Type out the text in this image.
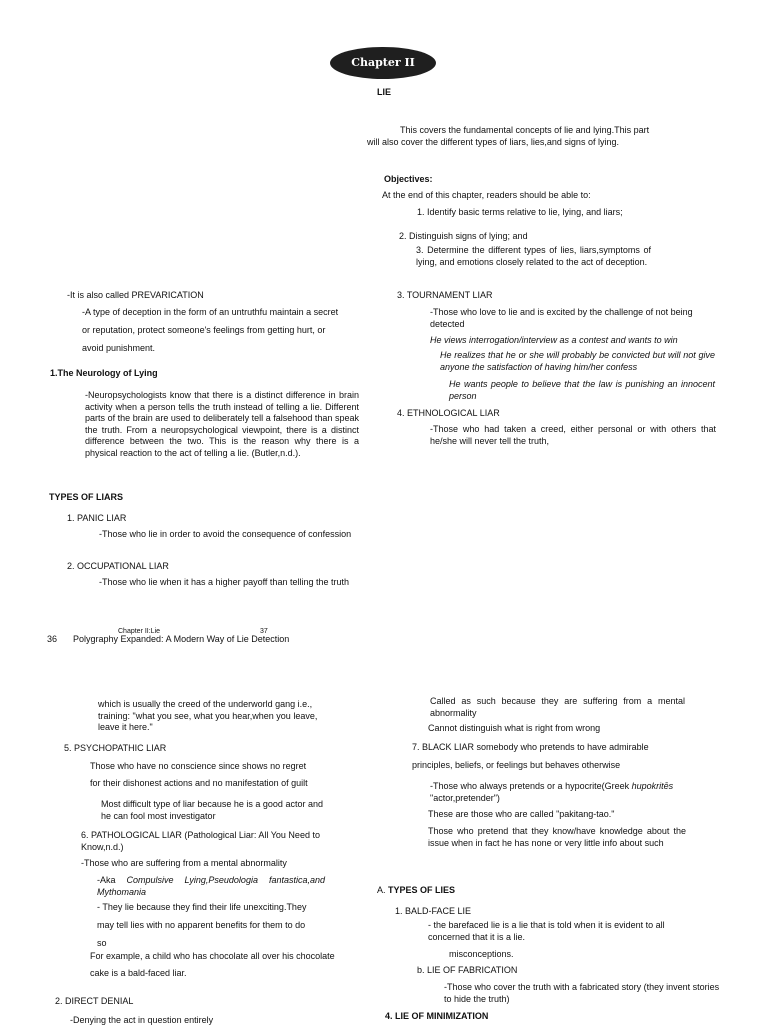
Chapter II
LIE
This covers the fundamental concepts of lie and lying.This part
will also cover the different types of liars, lies,and signs of lying.
Objectives:
At the end of this chapter, readers should be able to:
1. Identify basic terms relative to lie, lying, and liars;
2. Distinguish signs of lying; and
3. Determine the different types of lies, liars,symptoms of lying, and emotions closely related to the act of deception.
-It is also called PREVARICATION
-A type of deception in the form of an untruthfu maintain a secret
or reputation, protect someone's feelings from getting hurt, or
avoid punishment.
1.The Neurology of Lying
-Neuropsychologists know that there is a distinct difference in brain activity when a person tells the truth instead of telling a lie. Different parts of the brain are used to deliberately tell a falsehood than speak the truth. From a neuropsychological viewpoint, there is a distinct difference between the two. This is the reason why there is a physical reaction to the act of telling a lie. (Butler,n.d.).
TYPES OF LIARS
1. PANIC LIAR
-Those who lie in order to avoid the consequence of confession
2. OCCUPATIONAL LIAR
-Those who lie when it has a higher payoff than telling the truth
3. TOURNAMENT LIAR
-Those who love to lie and is excited by the challenge of not being detected
He views interrogation/interview as a contest and wants to win
He realizes that he or she will probably be convicted but will not give anyone the satisfaction of having him/her confess
He wants people to believe that the law is punishing an innocent person
4. ETHNOLOGICAL LIAR
-Those who had taken a creed, either personal or with others that he/she will never tell the truth,
Chapter II:Lie	37
36 Polygraphy Expanded: A Modern Way of Lie Detection
which is usually the creed of the underworld gang i.e., training: "what you see, what you hear,when you leave, leave it here."
5. PSYCHOPATHIC LIAR
Those who have no conscience since shows no regret
for their dishonest actions and no manifestation of guilt
Most difficult type of liar because he is a good actor and he can fool most investigator
6. PATHOLOGICAL LIAR (Pathological Liar: All You Need to Know,n.d.)
-Those who are suffering from a mental abnormality
-Aka Compulsive Lying,Pseudologia fantastica,and Mythomania
- They lie because they find their life unexciting.They
may tell lies with no apparent benefits for them to do
so
For example, a child who has chocolate all over his chocolate
cake is a bald-faced liar.
2. DIRECT DENIAL
-Denying the act in question entirely
Called as such because they are suffering from a mental abnormality
Cannot distinguish what is right from wrong
7. BLACK LIAR somebody who pretends to have admirable
principles, beliefs, or feelings but behaves otherwise
-Those who always pretends or a hypocrite(Greek hupokritēs "actor,pretender")
These are those who are called "pakitang-tao."
Those who pretend that they know/have knowledge about the issue when in fact he has none or very little info about such
A. TYPES OF LIES
1. BALD-FACE LIE
- the barefaced lie is a lie that is told when it is evident to all concerned that it is a lie.
misconceptions.
b. LIE OF FABRICATION
-Those who cover the truth with a fabricated story (they invent stories to hide the truth)
4. LIE OF MINIMIZATION
